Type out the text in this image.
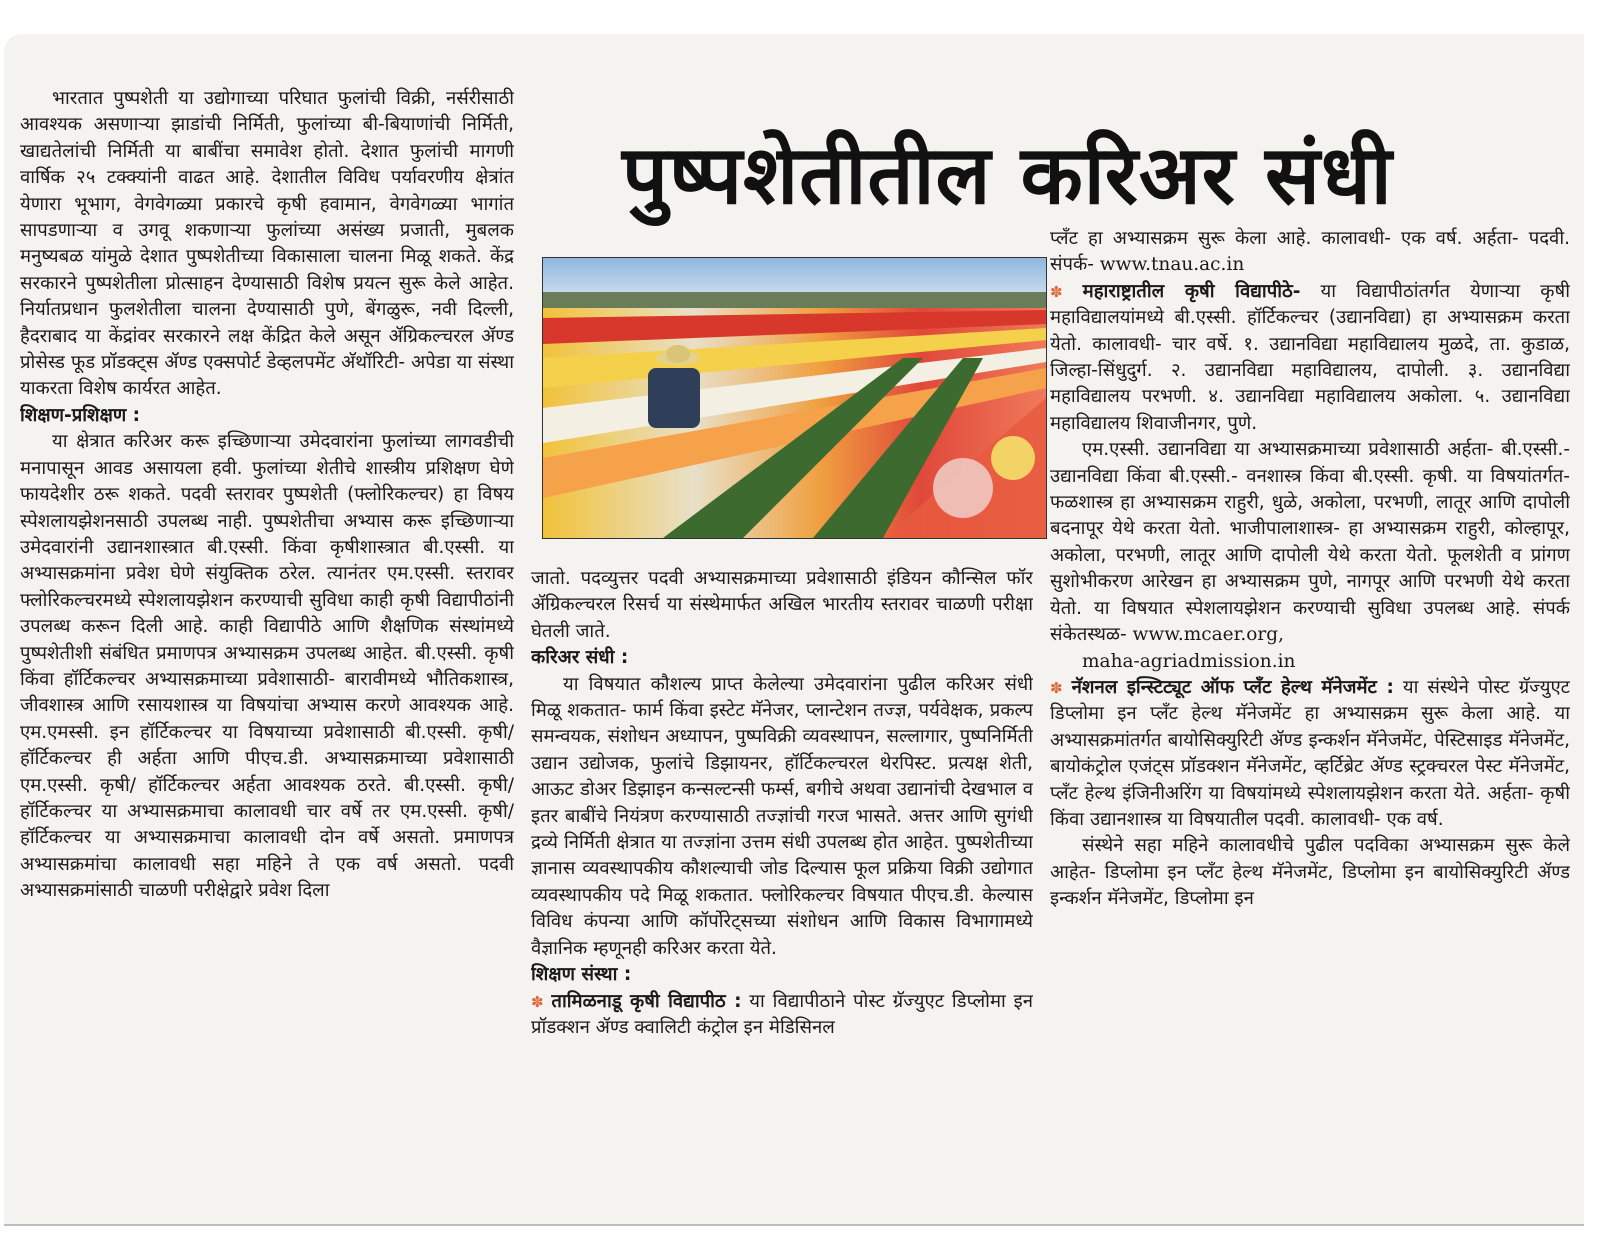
भारतात पुष्पशेती या उद्योगाच्या परिघात फुलांची विक्री, नर्सरीसाठी आवश्यक असणाऱ्या झाडांची निर्मिती, फुलांच्या बी-बियाणांची निर्मिती, खाद्यतेलांची निर्मिती या बाबींचा समावेश होतो. देशात फुलांची मागणी वार्षिक २५ टक्क्यांनी वाढत आहे. देशातील विविध पर्यावरणीय क्षेत्रांत येणारा भूभाग, वेगवेगळ्या प्रकारचे कृषी हवामान, वेगवेगळ्या भागांत सापडणाऱ्या व उगवू शकणाऱ्या फुलांच्या असंख्य प्रजाती, मुबलक मनुष्यबळ यांमुळे देशात पुष्पशेतीच्या विकासाला चालना मिळू शकते. केंद्र सरकारने पुष्पशेतीला प्रोत्साहन देण्यासाठी विशेष प्रयत्न सुरू केले आहेत. निर्यातप्रधान फुलशेतीला चालना देण्यासाठी पुणे, बेंगळुरू, नवी दिल्ली, हैदराबाद या केंद्रांवर सरकारने लक्ष केंद्रित केले असून ॲग्रिकल्चरल ॲण्ड प्रोसेस्ड फूड प्रॉडक्ट्स ॲण्ड एक्सपोर्ट डेव्हलपमेंट अ‍ॅथॉरिटी- अपेडा या संस्था याकरता विशेष कार्यरत आहेत.

शिक्षण-प्रशिक्षण :

या क्षेत्रात करिअर करू इच्छिणाऱ्या उमेदवारांना फुलांच्या लागवडीची मनापासून आवड असायला हवी. फुलांच्या शेतीचे शास्त्रीय प्रशिक्षण घेणे फायदेशीर ठरू शकते. पदवी स्तरावर पुष्पशेती (फ्लोरिकल्चर) हा विषय स्पेशलायझेशनसाठी उपलब्ध नाही. पुष्पशेतीचा अभ्यास करू इच्छिणाऱ्या उमेदवारांनी उद्यानशास्त्रात बी.एस्सी. किंवा कृषीशास्त्रात बी.एस्सी. या अभ्यासक्रमांना प्रवेश घेणे संयुक्तिक ठरेल. त्यानंतर एम.एस्सी. स्तरावर फ्लोरिकल्चरमध्ये स्पेशलायझेशन करण्याची सुविधा काही कृषी विद्यापीठांनी उपलब्ध करून दिली आहे. काही विद्यापीठे आणि शैक्षणिक संस्थांमध्ये पुष्पशेतीशी संबंधित प्रमाणपत्र अभ्यासक्रम उपलब्ध आहेत. बी.एस्सी. कृषी किंवा हॉर्टिकल्चर अभ्यासक्रमाच्या प्रवेशासाठी- बारावीमध्ये भौतिकशास्त्र, जीवशास्त्र आणि रसायशास्त्र या विषयांचा अभ्यास करणे आवश्यक आहे. एम.एमस्सी. इन हॉर्टिकल्चर या विषयाच्या प्रवेशासाठी बी.एस्सी. कृषी/ हॉर्टिकल्चर ही अर्हता आणि पीएच.डी. अभ्यासक्रमाच्या प्रवेशासाठी एम.एस्सी. कृषी/ हॉर्टिकल्चर अर्हता आवश्यक ठरते. बी.एस्सी. कृषी/ हॉर्टिकल्चर या अभ्यासक्रमाचा कालावधी चार वर्षे तर एम.एस्सी. कृषी/ हॉर्टिकल्चर या अभ्यासक्रमाचा कालावधी दोन वर्षे असतो. प्रमाणपत्र अभ्यासक्रमांचा कालावधी सहा महिने ते एक वर्ष असतो. पदवी अभ्यासक्रमांसाठी चाळणी परीक्षेद्वारे प्रवेश दिला

पुष्पशेतीतील करिअर संधी

जातो. पदव्युत्तर पदवी अभ्यासक्रमाच्या प्रवेशासाठी इंडियन कौन्सिल फॉर ॲग्रिकल्चरल रिसर्च या संस्थेमार्फत अखिल भारतीय स्तरावर चाळणी परीक्षा घेतली जाते.

करिअर संधी :

या विषयात कौशल्य प्राप्त केलेल्या उमेदवारांना पुढील करिअर संधी मिळू शकतात- फार्म किंवा इस्टेट मॅनेजर, प्लान्टेशन तज्ज्ञ, पर्यवेक्षक, प्रकल्प समन्वयक, संशोधन अध्यापन, पुष्पविक्री व्यवस्थापन, सल्लागार, पुष्पनिर्मिती उद्यान उद्योजक, फुलांचे डिझायनर, हॉर्टिकल्चरल थेरपिस्ट. प्रत्यक्ष शेती, आऊट डोअर डिझाइन कन्सल्टन्सी फर्म्स, बगीचे अथवा उद्यानांची देखभाल व इतर बाबींचे नियंत्रण करण्यासाठी तज्ज्ञांची गरज भासते. अत्तर आणि सुगंधी द्रव्ये निर्मिती क्षेत्रात या तज्ज्ञांना उत्तम संधी उपलब्ध होत आहेत. पुष्पशेतीच्या ज्ञानास व्यवस्थापकीय कौशल्याची जोड दिल्यास फूल प्रक्रिया विक्री उद्योगात व्यवस्थापकीय पदे मिळू शकतात. फ्लोरिकल्चर विषयात पीएच.डी. केल्यास विविध कंपन्या आणि कॉर्पोरेट्सच्या संशोधन आणि विकास विभागामध्ये वैज्ञानिक म्हणूनही करिअर करता येते.

शिक्षण संस्था :

✽ तामिळनाडू कृषी विद्यापीठ : या विद्यापीठाने पोस्ट ग्रॅज्युएट डिप्लोमा इन प्रॉडक्शन ॲण्ड क्वालिटी कंट्रोल इन मेडिसिनल

प्लँट हा अभ्यासक्रम सुरू केला आहे. कालावधी- एक वर्ष. अर्हता- पदवी. संपर्क- www.tnau.ac.in

✽ महाराष्ट्रातील कृषी विद्यापीठे- या विद्यापीठांतर्गत येणाऱ्या कृषी महाविद्यालयांमध्ये बी.एस्सी. हॉर्टिकल्चर (उद्यानविद्या) हा अभ्यासक्रम करता येतो. कालावधी- चार वर्षे. १. उद्यानविद्या महाविद्यालय मुळदे, ता. कुडाळ, जिल्हा-सिंधुदुर्ग. २. उद्यानविद्या महाविद्यालय, दापोली. ३. उद्यानविद्या महाविद्यालय परभणी. ४. उद्यानविद्या महाविद्यालय अकोला. ५. उद्यानविद्या महाविद्यालय शिवाजीनगर, पुणे.

एम.एस्सी. उद्यानविद्या या अभ्यासक्रमाच्या प्रवेशासाठी अर्हता- बी.एस्सी.- उद्यानविद्या किंवा बी.एस्सी.- वनशास्त्र किंवा बी.एस्सी. कृषी. या विषयांतर्गत- फळशास्त्र हा अभ्यासक्रम राहुरी, धुळे, अकोला, परभणी, लातूर आणि दापोली बदनापूर येथे करता येतो. भाजीपालाशास्त्र- हा अभ्यासक्रम राहुरी, कोल्हापूर, अकोला, परभणी, लातूर आणि दापोली येथे करता येतो. फूलशेती व प्रांगण सुशोभीकरण आरेखन हा अभ्यासक्रम पुणे, नागपूर आणि परभणी येथे करता येतो. या विषयात स्पेशलायझेशन करण्याची सुविधा उपलब्ध आहे. संपर्क संकेतस्थळ- www.mcaer.org,

maha-agriadmission.in

✽ नॅशनल इन्स्टिट्यूट ऑफ प्लँट हेल्थ मॅनेजमेंट : या संस्थेने पोस्ट ग्रॅज्युएट डिप्लोमा इन प्लँट हेल्थ मॅनेजमेंट हा अभ्यासक्रम सुरू केला आहे. या अभ्यासक्रमांतर्गत बायोसिक्युरिटी ॲण्ड इन्कर्शन मॅनेजमेंट, पेस्टिसाइड मॅनेजमेंट, बायोकंट्रोल एजंट्स प्रॉडक्शन मॅनेजमेंट, व्हर्टिब्रेट ॲण्ड स्ट्रक्चरल पेस्ट मॅनेजमेंट, प्लँट हेल्थ इंजिनीअरिंग या विषयांमध्ये स्पेशलायझेशन करता येते. अर्हता- कृषी किंवा उद्यानशास्त्र या विषयातील पदवी. कालावधी- एक वर्ष.

संस्थेने सहा महिने कालावधीचे पुढील पदविका अभ्यासक्रम सुरू केले आहेत- डिप्लोमा इन प्लँट हेल्थ मॅनेजमेंट, डिप्लोमा इन बायोसिक्युरिटी ॲण्ड इन्कर्शन मॅनेजमेंट, डिप्लोमा इन
